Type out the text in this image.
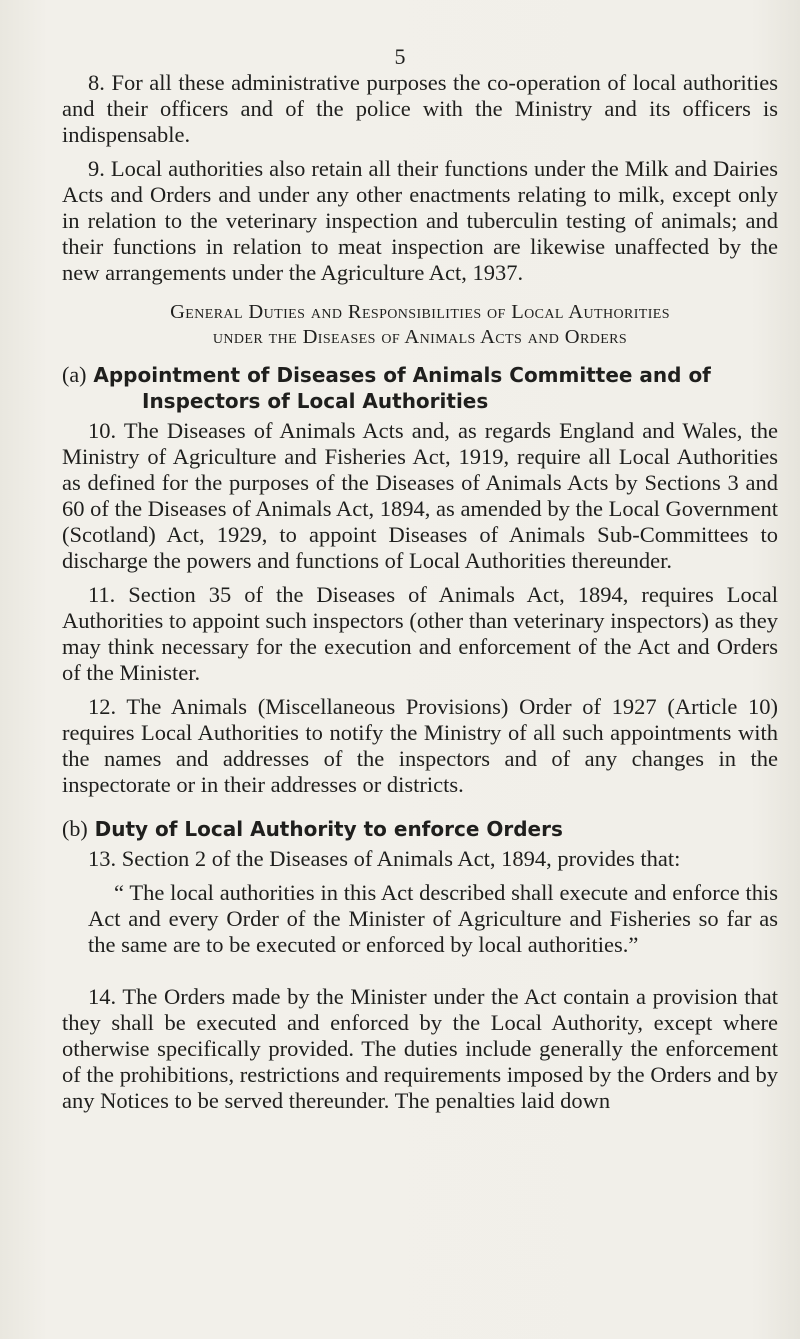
5

8. For all these administrative purposes the co-operation of local authorities and their officers and of the police with the Ministry and its officers is indispensable.

9. Local authorities also retain all their functions under the Milk and Dairies Acts and Orders and under any other enactments relating to milk, except only in relation to the veterinary inspection and tuberculin testing of animals; and their functions in relation to meat inspection are likewise unaffected by the new arrangements under the Agriculture Act, 1937.

General Duties and Responsibilities of Local Authorities
under the Diseases of Animals Acts and Orders
(a) Appointment of Diseases of Animals Committee and of
Inspectors of Local Authorities

10. The Diseases of Animals Acts and, as regards England and Wales, the Ministry of Agriculture and Fisheries Act, 1919, require all Local Authorities as defined for the purposes of the Diseases of Animals Acts by Sections 3 and 60 of the Diseases of Animals Act, 1894, as amended by the Local Government (Scotland) Act, 1929, to appoint Diseases of Animals Sub-Committees to discharge the powers and functions of Local Authorities thereunder.

11. Section 35 of the Diseases of Animals Act, 1894, requires Local Authorities to appoint such inspectors (other than veterinary inspectors) as they may think necessary for the execution and enforcement of the Act and Orders of the Minister.

12. The Animals (Miscellaneous Provisions) Order of 1927 (Article 10) requires Local Authorities to notify the Ministry of all such appointments with the names and addresses of the inspectors and of any changes in the inspectorate or in their addresses or districts.

(b) Duty of Local Authority to enforce Orders

13. Section 2 of the Diseases of Animals Act, 1894, provides that:

“ The local authorities in this Act described shall execute and enforce this Act and every Order of the Minister of Agriculture and Fisheries so far as the same are to be executed or enforced by local authorities.”

14. The Orders made by the Minister under the Act contain a provision that they shall be executed and enforced by the Local Authority, except where otherwise specifically provided. The duties include generally the enforcement of the prohibitions, restrictions and requirements imposed by the Orders and by any Notices to be served thereunder. The penalties laid down
